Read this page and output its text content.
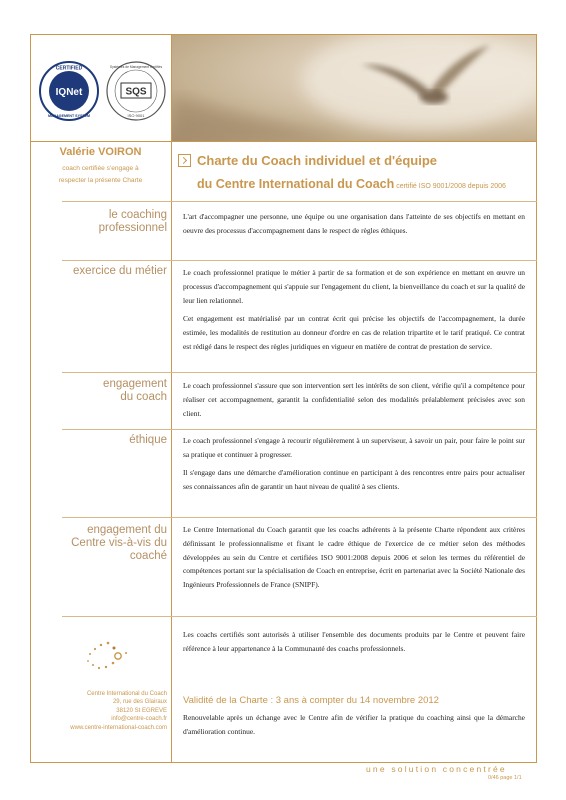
IQNet
CERTIFIED
MANAGEMENT SYSTEM
SQS
Systèmes de Management Certifiés
ISO 9001
Valérie VOIRON
coach certifiée s'engage à
respecter la présente Charte
Charte du Coach individuel et d'équipe
du Centre International du Coach certifié ISO 9001/2008 depuis 2006
le coaching
professionnel
L'art d'accompagner une personne, une équipe ou une organisation dans l'atteinte de ses objectifs en mettant en oeuvre des processus d'accompagnement dans le respect de règles éthiques.
exercice du métier Le coach professionnel pratique le métier à partir de sa formation et de son expérience en mettant en œuvre un processus d'accompagnement qui s'appuie sur l'engagement du client, la bienveillance du coach et sur la qualité de leur lien relationnel.
Cet engagement est matérialisé par un contrat écrit qui précise les objectifs de l'accompagnement, la durée estimée, les modalités de restitution au donneur d'ordre en cas de relation tripartite et le tarif pratiqué. Ce contrat est rédigé dans le respect des règles juridiques en vigueur en matière de contrat de prestation de service.
engagement
du coach
Le coach professionnel s'assure que son intervention sert les intérêts de son client, vérifie qu'il a compétence pour réaliser cet accompagnement, garantit la confidentialité selon des modalités préalablement précisées avec son client.
éthique Le coach professionnel s'engage à recourir régulièrement à un superviseur, à savoir un pair, pour faire le point sur sa pratique et continuer à progresser.
Il s'engage dans une démarche d'amélioration continue en participant à des rencontres entre pairs pour actualiser ses connaissances afin de garantir un haut niveau de qualité à ses clients.
engagement du
Centre vis-à-vis du
coaché
Le Centre International du Coach garantit que les coachs adhérents à la présente Charte répondent aux critères définissant le professionnalisme et fixant le cadre éthique de l'exercice de ce métier selon des méthodes développées au sein du Centre et certifiées ISO 9001:2008 depuis 2006 et selon les termes du référentiel de compétences portant sur la spécialisation de Coach en entreprise, écrit en partenariat avec la Société Nationale des Ingénieurs Professionnels de France (SNIPF).
Les coachs certifiés sont autorisés à utiliser l'ensemble des documents produits par le Centre et peuvent faire référence à leur appartenance à la Communauté des coachs professionnels.
Validité de la Charte : 3 ans à compter du 14 novembre 2012
Renouvelable après un échange avec le Centre afin de vérifier la pratique du coaching ainsi que la démarche d'amélioration continue.
Centre International du Coach
29, rue des Glairaux
38120 St EGREVE
info@centre-coach.fr
www.centre-international-coach.com
une solution concentrée
0/46 page 1/1
